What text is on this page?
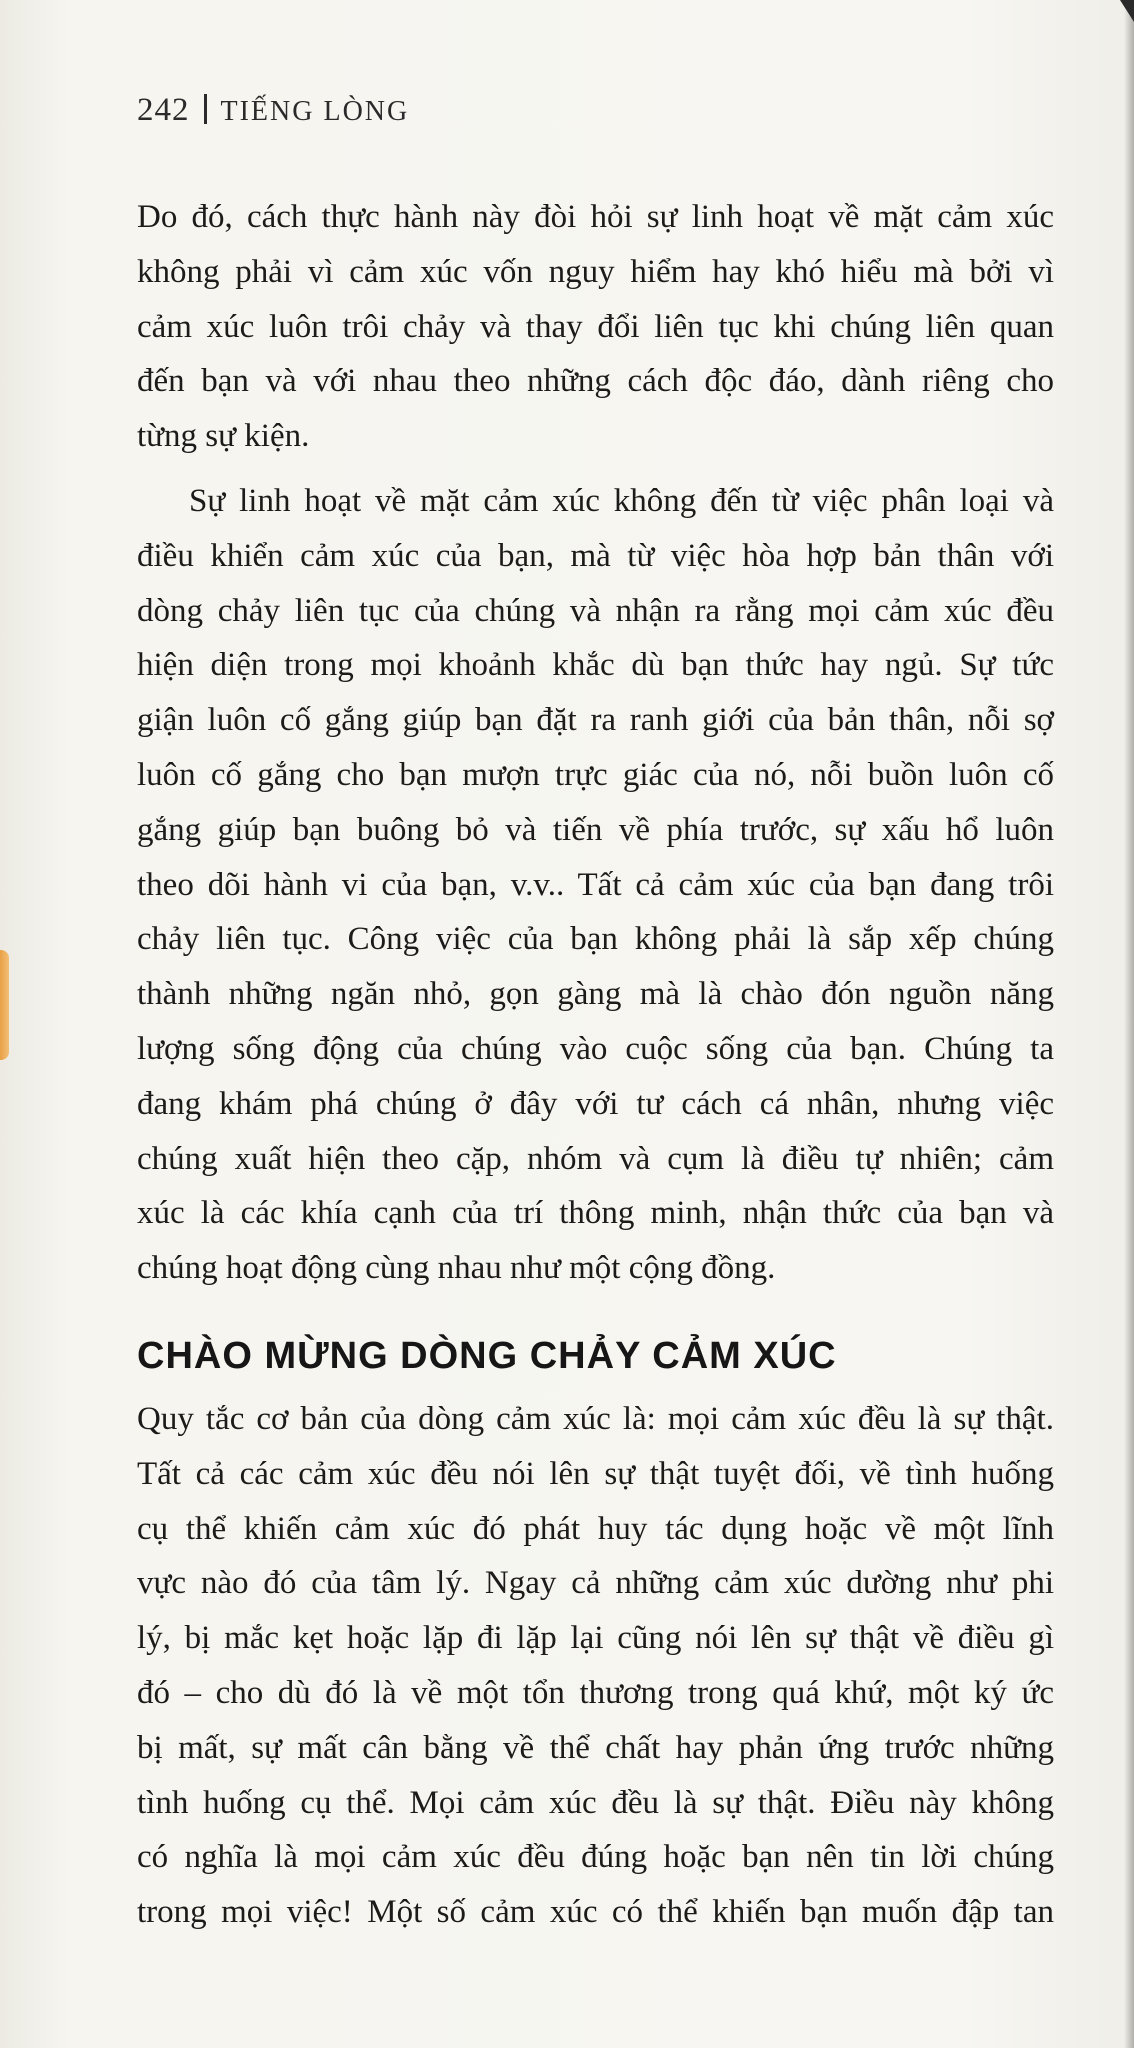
242 TIẾNG LÒNG
Do đó, cách thực hành này đòi hỏi sự linh hoạt về mặt cảm xúc
không phải vì cảm xúc vốn nguy hiểm hay khó hiểu mà bởi vì
cảm xúc luôn trôi chảy và thay đổi liên tục khi chúng liên quan
đến bạn và với nhau theo những cách độc đáo, dành riêng cho
từng sự kiện.
Sự linh hoạt về mặt cảm xúc không đến từ việc phân loại và
điều khiển cảm xúc của bạn, mà từ việc hòa hợp bản thân với
dòng chảy liên tục của chúng và nhận ra rằng mọi cảm xúc đều
hiện diện trong mọi khoảnh khắc dù bạn thức hay ngủ. Sự tức
giận luôn cố gắng giúp bạn đặt ra ranh giới của bản thân, nỗi sợ
luôn cố gắng cho bạn mượn trực giác của nó, nỗi buồn luôn cố
gắng giúp bạn buông bỏ và tiến về phía trước, sự xấu hổ luôn
theo dõi hành vi của bạn, v.v.. Tất cả cảm xúc của bạn đang trôi
chảy liên tục. Công việc của bạn không phải là sắp xếp chúng
thành những ngăn nhỏ, gọn gàng mà là chào đón nguồn năng
lượng sống động của chúng vào cuộc sống của bạn. Chúng ta
đang khám phá chúng ở đây với tư cách cá nhân, nhưng việc
chúng xuất hiện theo cặp, nhóm và cụm là điều tự nhiên; cảm
xúc là các khía cạnh của trí thông minh, nhận thức của bạn và
chúng hoạt động cùng nhau như một cộng đồng.
CHÀO MỪNG DÒNG CHẢY CẢM XÚC
Quy tắc cơ bản của dòng cảm xúc là: mọi cảm xúc đều là sự thật.
Tất cả các cảm xúc đều nói lên sự thật tuyệt đối, về tình huống
cụ thể khiến cảm xúc đó phát huy tác dụng hoặc về một lĩnh
vực nào đó của tâm lý. Ngay cả những cảm xúc dường như phi
lý, bị mắc kẹt hoặc lặp đi lặp lại cũng nói lên sự thật về điều gì
đó – cho dù đó là về một tổn thương trong quá khứ, một ký ức
bị mất, sự mất cân bằng về thể chất hay phản ứng trước những
tình huống cụ thể. Mọi cảm xúc đều là sự thật. Điều này không
có nghĩa là mọi cảm xúc đều đúng hoặc bạn nên tin lời chúng
trong mọi việc! Một số cảm xúc có thể khiến bạn muốn đập tan
